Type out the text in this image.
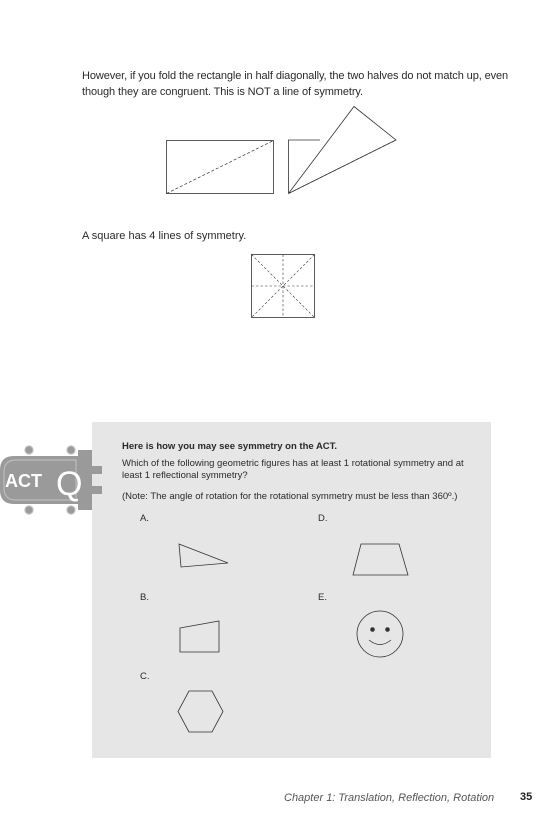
However, if you fold the rectangle in half diagonally, the two halves do not match up, even though they are congruent. This is NOT a line of symmetry.
A square has 4 lines of symmetry.
ACT Q
Here is how you may see symmetry on the ACT.
Which of the following geometric figures has at least 1 rotational symmetry and at least 1 reflectional symmetry?
(Note: The angle of rotation for the rotational symmetry must be less than 360º.)
A.	D.
B.	E.
C.
Chapter 1: Translation, Reflection, Rotation 35
